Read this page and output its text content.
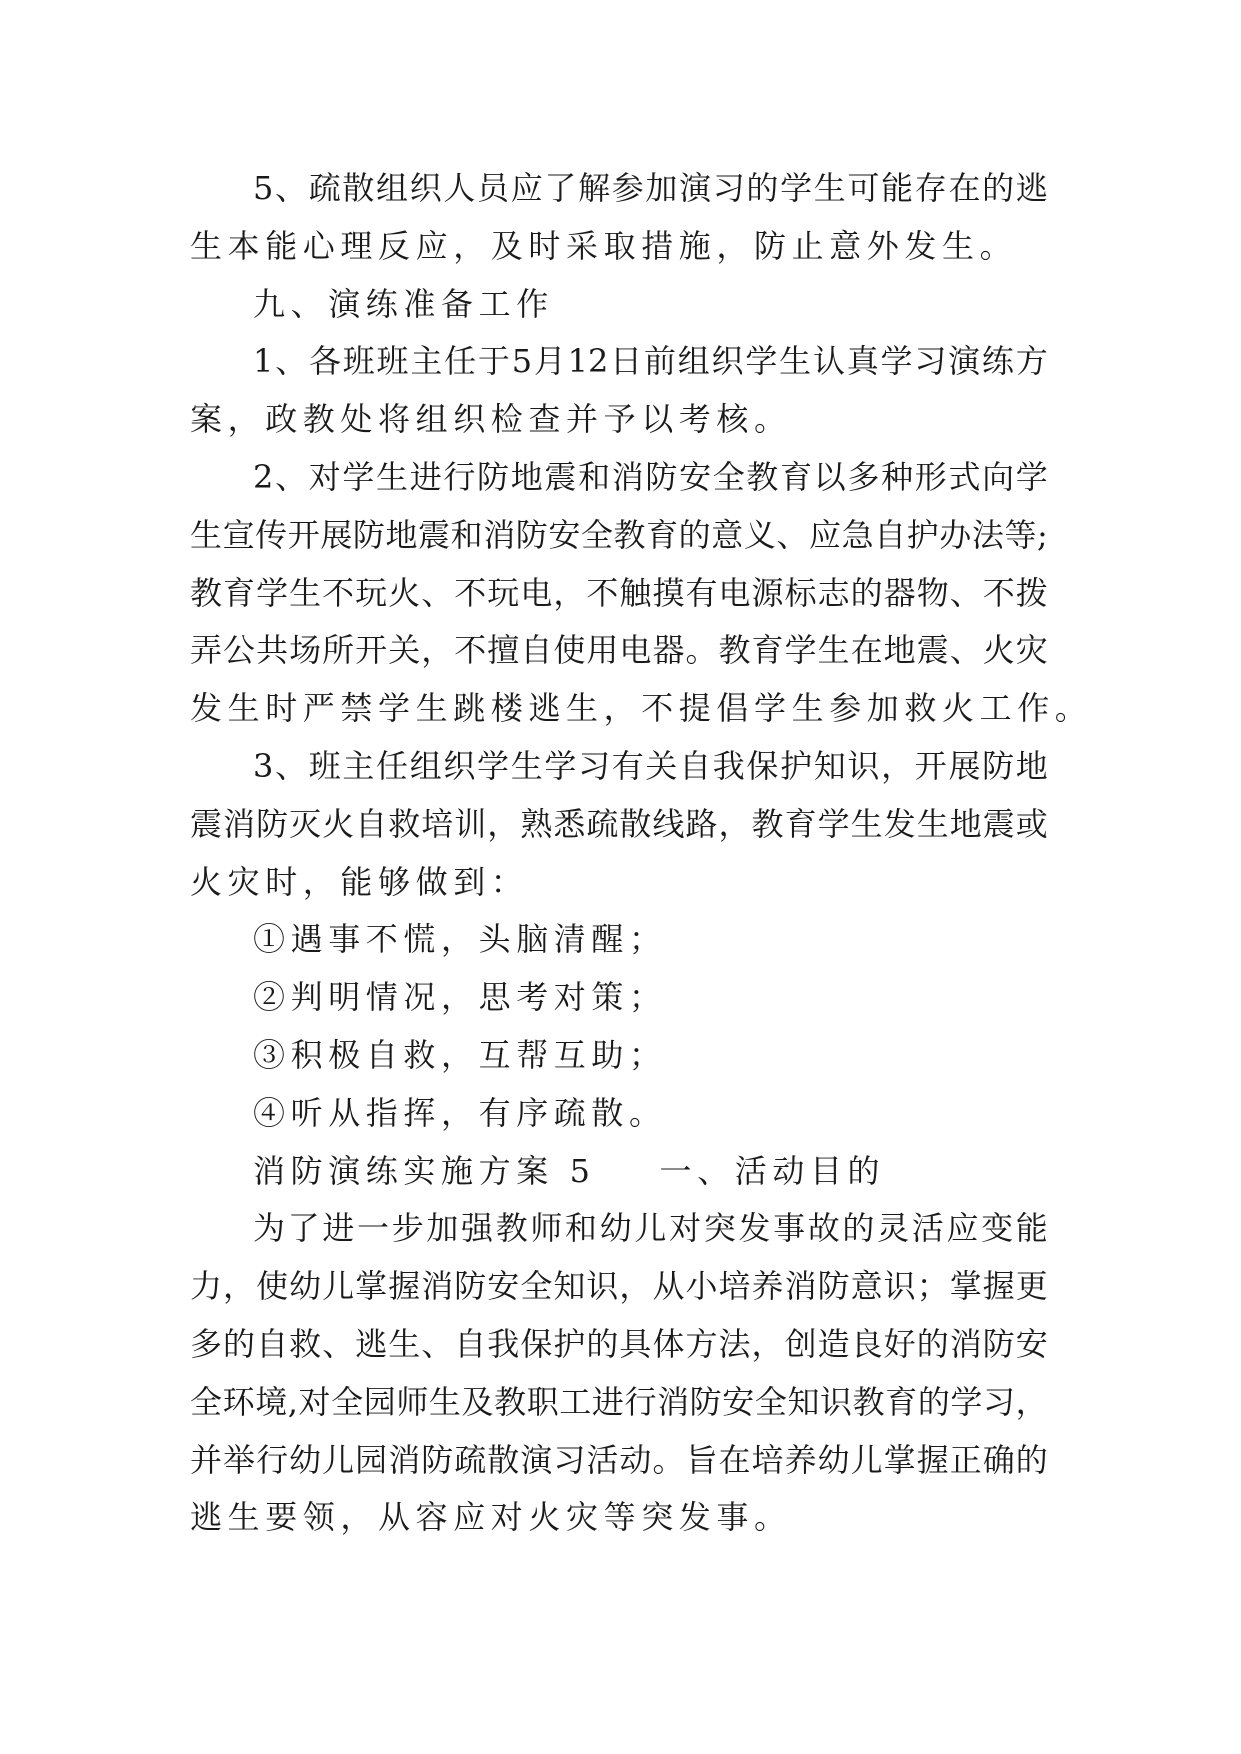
5 、 疏 散 组 织 人 员 应 了 解 参 加 演 习 的 学 生 可 能 存 在 的 逃
生本能心理反应，及时采取措施，防止意外发生。
九、演练准备工作
1 、 各 班 班 主 任 于 5 月 12 日 前 组 织 学 生 认 真 学 习 演 练 方
案，政教处将组织检查并予以考核。
2 、 对 学 生 进 行 防 地 震 和 消 防 安 全 教 育 以 多 种 形 式 向 学
生 宣 传 开 展 防 地 震 和 消 防 安 全 教 育 的 意 义 、 应 急 自 护 办 法 等 ;
教 育 学 生 不 玩 火 、 不 玩 电 ， 不 触 摸 有 电 源 标 志 的 器 物 、 不 拨
弄 公 共 场 所 开 关 ， 不 擅 自 使 用 电 器 。 教 育 学 生 在 地 震 、 火 灾
发生时严禁学生跳楼逃生，不提倡学生参加救火工作。
3 、 班 主 任 组 织 学 生 学 习 有 关 自 我 保 护 知 识 ， 开 展 防 地
震 消 防 灭 火 自 救 培 训 ， 熟 悉 疏 散 线 路 ， 教 育 学 生 发 生 地 震 或
火灾时，能够做到：
①遇事不慌，头脑清醒；
②判明情况，思考对策；
③积极自救，互帮互助；
④听从指挥，有序疏散。
消防演练实施方案 5 一、活动目的
为 了 进 一 步 加 强 教 师 和 幼 儿 对 突 发 事 故 的 灵 活 应 变 能
力 ， 使 幼 儿 掌 握 消 防 安 全 知 识 ， 从 小 培 养 消 防 意 识 ； 掌 握 更
多 的 自 救 、 逃 生 、 自 我 保 护 的 具 体 方 法 ， 创 造 良 好 的 消 防 安
全 环 境 , 对 全 园 师 生 及 教 职 工 进 行 消 防 安 全 知 识 教 育 的 学 习 ，
并 举 行 幼 儿 园 消 防 疏 散 演 习 活 动 。 旨 在 培 养 幼 儿 掌 握 正 确 的
逃生要领，从容应对火灾等突发事。
